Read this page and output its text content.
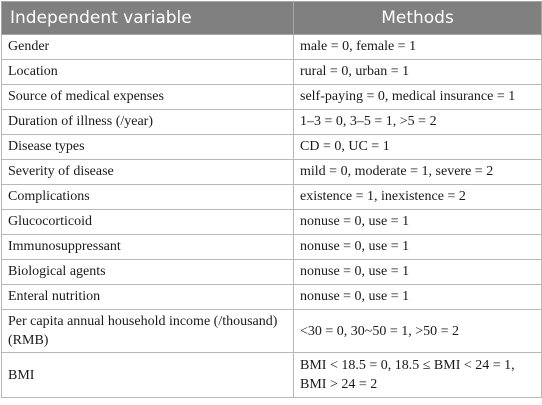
Independent variable	Methods
Gender	male = 0, female = 1
Location	rural = 0, urban = 1
Source of medical expenses	self-paying = 0, medical insurance = 1
Duration of illness (/year)	1–3 = 0, 3–5 = 1, >5 = 2
Disease types	CD = 0, UC = 1
Severity of disease	mild = 0, moderate = 1, severe = 2
Complications	existence = 1, inexistence = 2
Glucocorticoid	nonuse = 0, use = 1
Immunosuppressant	nonuse = 0, use = 1
Biological agents	nonuse = 0, use = 1
Enteral nutrition	nonuse = 0, use = 1
Per capita annual household income (/thousand) (RMB)	<30 = 0, 30~50 = 1, >50 = 2
BMI	BMI < 18.5 = 0, 18.5 ≤ BMI < 24 = 1, BMI > 24 = 2
